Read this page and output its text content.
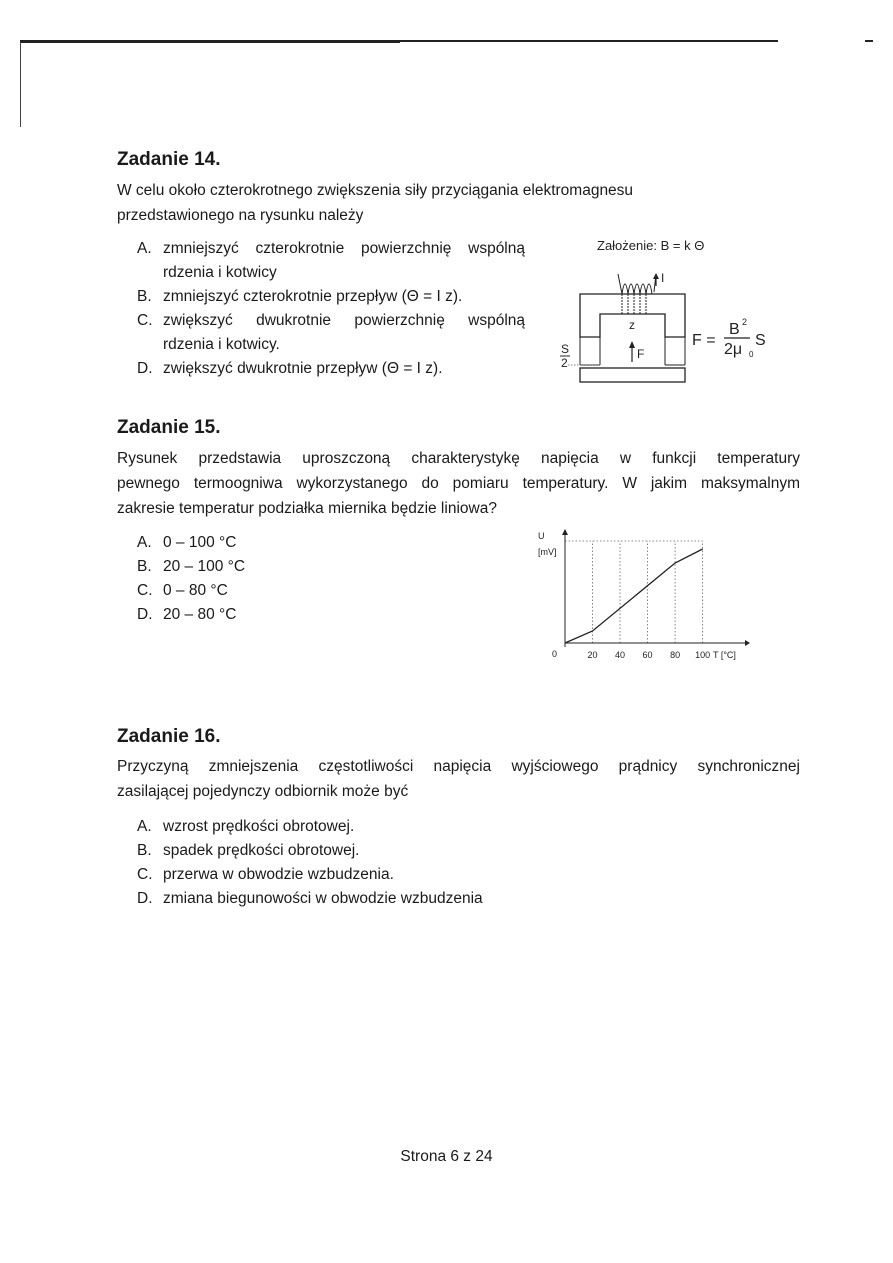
Zadanie 14.
W celu około czterokrotnego zwiększenia siły przyciągania elektromagnesu
przedstawionego na rysunku należy
A. zmniejszyć czterokrotnie powierzchnię wspólną
rdzenia i kotwicy
B. zmniejszyć czterokrotnie przepływ (Θ = I z).
C. zwiększyć dwukrotnie powierzchnię wspólną
rdzenia i kotwicy.
D. zwiększyć dwukrotnie przepływ (Θ = I z).
Założenie: B = k Θ
I
z
F
S
2
F =
B 2
2μ 0
S
Zadanie 15.
Rysunek przedstawia uproszczoną charakterystykę napięcia w funkcji temperatury
pewnego termoogniwa wykorzystanego do pomiaru temperatury. W jakim maksymalnym
zakresie temperatur podziałka miernika będzie liniowa?
A. 0 – 100 °C
B. 20 – 100 °C
C. 0 – 80 °C
D. 20 – 80 °C
U
[mV]
0	T [°C]
20 40 60 80 100
Zadanie 16.
Przyczyną zmniejszenia częstotliwości napięcia wyjściowego prądnicy synchronicznej
zasilającej pojedynczy odbiornik może być
A. wzrost prędkości obrotowej.
B. spadek prędkości obrotowej.
C. przerwa w obwodzie wzbudzenia.
D. zmiana biegunowości w obwodzie wzbudzenia
Strona 6 z 24
